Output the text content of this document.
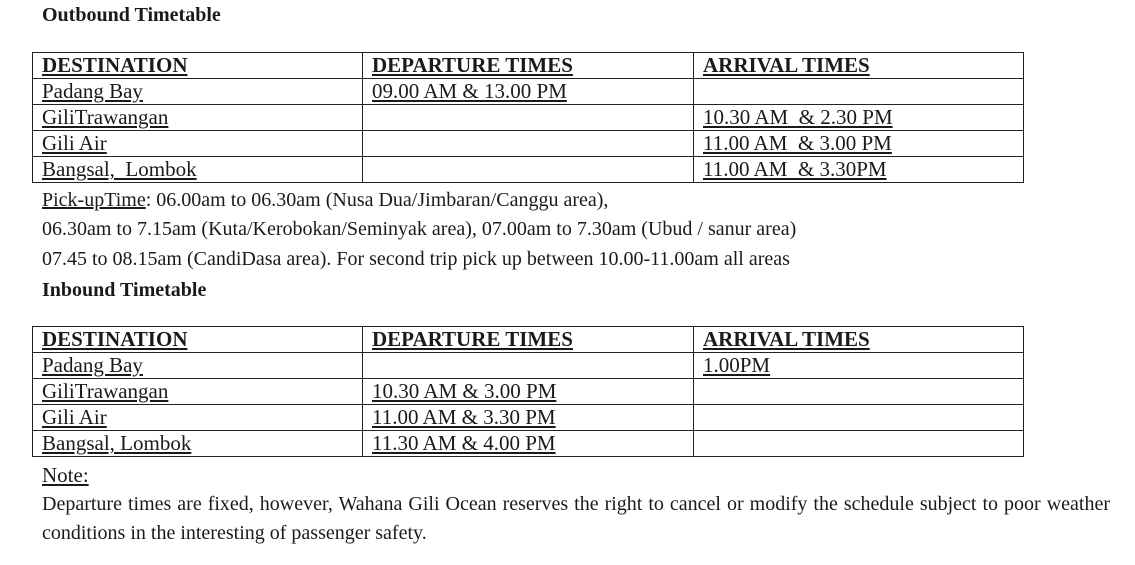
Outbound Timetable
DESTINATION	DEPARTURE TIMES	ARRIVAL TIMES
Padang Bay	09.00 AM & 13.00 PM	
GiliTrawangan		10.30 AM  & 2.30 PM
Gili Air		11.00 AM  & 3.00 PM
Bangsal,  Lombok		11.00 AM  & 3.30PM
Pick-upTime: 06.00am to 06.30am (Nusa Dua/Jimbaran/Canggu area),
06.30am to 7.15am (Kuta/Kerobokan/Seminyak area), 07.00am to 7.30am (Ubud / sanur area)
07.45 to 08.15am (CandiDasa area). For second trip pick up between 10.00-11.00am all areas
Inbound Timetable
DESTINATION	DEPARTURE TIMES	ARRIVAL TIMES
Padang Bay		1.00PM
GiliTrawangan	10.30 AM & 3.00 PM	
Gili Air	11.00 AM & 3.30 PM	
Bangsal, Lombok	11.30 AM & 4.00 PM	
Note:
Departure times are fixed, however, Wahana Gili Ocean reserves the right to cancel or modify the schedule subject to poor weather conditions in the interesting of passenger safety.
